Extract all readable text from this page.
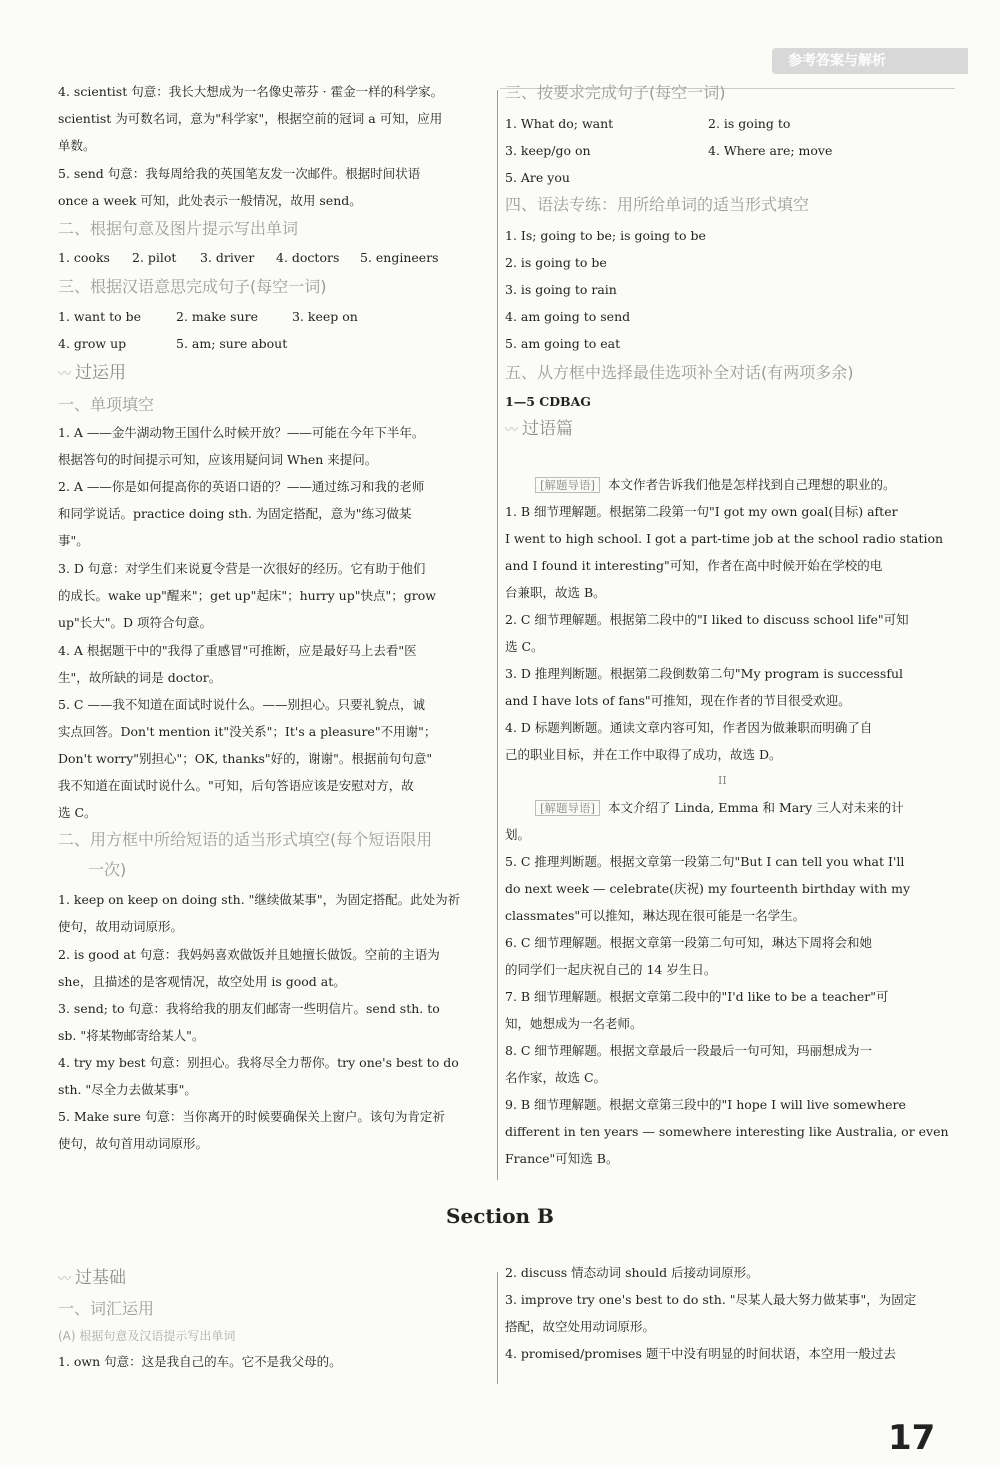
参考答案与解析
4. scientist 句意：我长大想成为一名像史蒂芬 · 霍金一样的科学家。
scientist 为可数名词，意为"科学家"，根据空前的冠词 a 可知，应用
单数。
5. send 句意：我每周给我的英国笔友发一次邮件。根据时间状语
once a week 可知，此处表示一般情况，故用 send。
二、根据句意及图片提示写出单词
1. cooks 2. pilot 3. driver 4. doctors 5. engineers
三、根据汉语意思完成句子(每空一词)
1. want to be	2. make sure	3. keep on
4. grow up	5. am; sure about
〰 过运用
一、单项填空
1. A ——金牛湖动物王国什么时候开放？——可能在今年下半年。
根据答句的时间提示可知，应该用疑问词 When 来提问。
2. A ——你是如何提高你的英语口语的？——通过练习和我的老师
和同学说话。practice doing sth. 为固定搭配，意为"练习做某
事"。
3. D 句意：对学生们来说夏令营是一次很好的经历。它有助于他们
的成长。wake up"醒来"；get up"起床"；hurry up"快点"；grow
up"长大"。D 项符合句意。
4. A 根据题干中的"我得了重感冒"可推断，应是最好马上去看"医
生"，故所缺的词是 doctor。
5. C ——我不知道在面试时说什么。——别担心。只要礼貌点，诚
实点回答。Don't mention it"没关系"；It's a pleasure"不用谢"；
Don't worry"别担心"；OK, thanks"好的，谢谢"。根据前句句意"
我不知道在面试时说什么。"可知，后句答语应该是安慰对方，故
选 C。
二、用方框中所给短语的适当形式填空(每个短语限用
一次)
1. keep on keep on doing sth. "继续做某事"，为固定搭配。此处为祈
使句，故用动词原形。
2. is good at 句意：我妈妈喜欢做饭并且她擅长做饭。空前的主语为
she，且描述的是客观情况，故空处用 is good at。
3. send; to 句意：我将给我的朋友们邮寄一些明信片。send sth. to
sb. "将某物邮寄给某人"。
4. try my best 句意：别担心。我将尽全力帮你。try one's best to do
sth. "尽全力去做某事"。
5. Make sure 句意：当你离开的时候要确保关上窗户。该句为肯定祈
使句，故句首用动词原形。
三、按要求完成句子(每空一词)
1. What do; want	2. is going to
3. keep/go on	4. Where are; move
5. Are you
四、语法专练：用所给单词的适当形式填空
1. Is; going to be; is going to be
2. is going to be
3. is going to rain
4. am going to send
5. am going to eat
五、从方框中选择最佳选项补全对话(有两项多余)
1—5 CDBAG
〰 过语篇
[解题导语] 本文作者告诉我们他是怎样找到自己理想的职业的。
1. B 细节理解题。根据第二段第一句"I got my own goal(目标) after
I went to high school. I got a part-time job at the school radio station
and I found it interesting"可知，作者在高中时候开始在学校的电
台兼职，故选 B。
2. C 细节理解题。根据第二段中的"I liked to discuss school life"可知
选 C。
3. D 推理判断题。根据第二段倒数第二句"My program is successful
and I have lots of fans"可推知，现在作者的节目很受欢迎。
4. D 标题判断题。通读文章内容可知，作者因为做兼职而明确了自
己的职业目标，并在工作中取得了成功，故选 D。
II
[解题导语] 本文介绍了 Linda, Emma 和 Mary 三人对未来的计
划。
5. C 推理判断题。根据文章第一段第二句"But I can tell you what I'll
do next week — celebrate(庆祝) my fourteenth birthday with my
classmates"可以推知，琳达现在很可能是一名学生。
6. C 细节理解题。根据文章第一段第二句可知，琳达下周将会和她
的同学们一起庆祝自己的 14 岁生日。
7. B 细节理解题。根据文章第二段中的"I'd like to be a teacher"可
知，她想成为一名老师。
8. C 细节理解题。根据文章最后一段最后一句可知，玛丽想成为一
名作家，故选 C。
9. B 细节理解题。根据文章第三段中的"I hope I will live somewhere
different in ten years — somewhere interesting like Australia, or even
France"可知选 B。
Section B
〰 过基础
一、词汇运用
(A) 根据句意及汉语提示写出单词
1. own 句意：这是我自己的车。它不是我父母的。
2. discuss 情态动词 should 后接动词原形。
3. improve try one's best to do sth. "尽某人最大努力做某事"，为固定
搭配，故空处用动词原形。
4. promised/promises 题干中没有明显的时间状语，本空用一般过去
17
